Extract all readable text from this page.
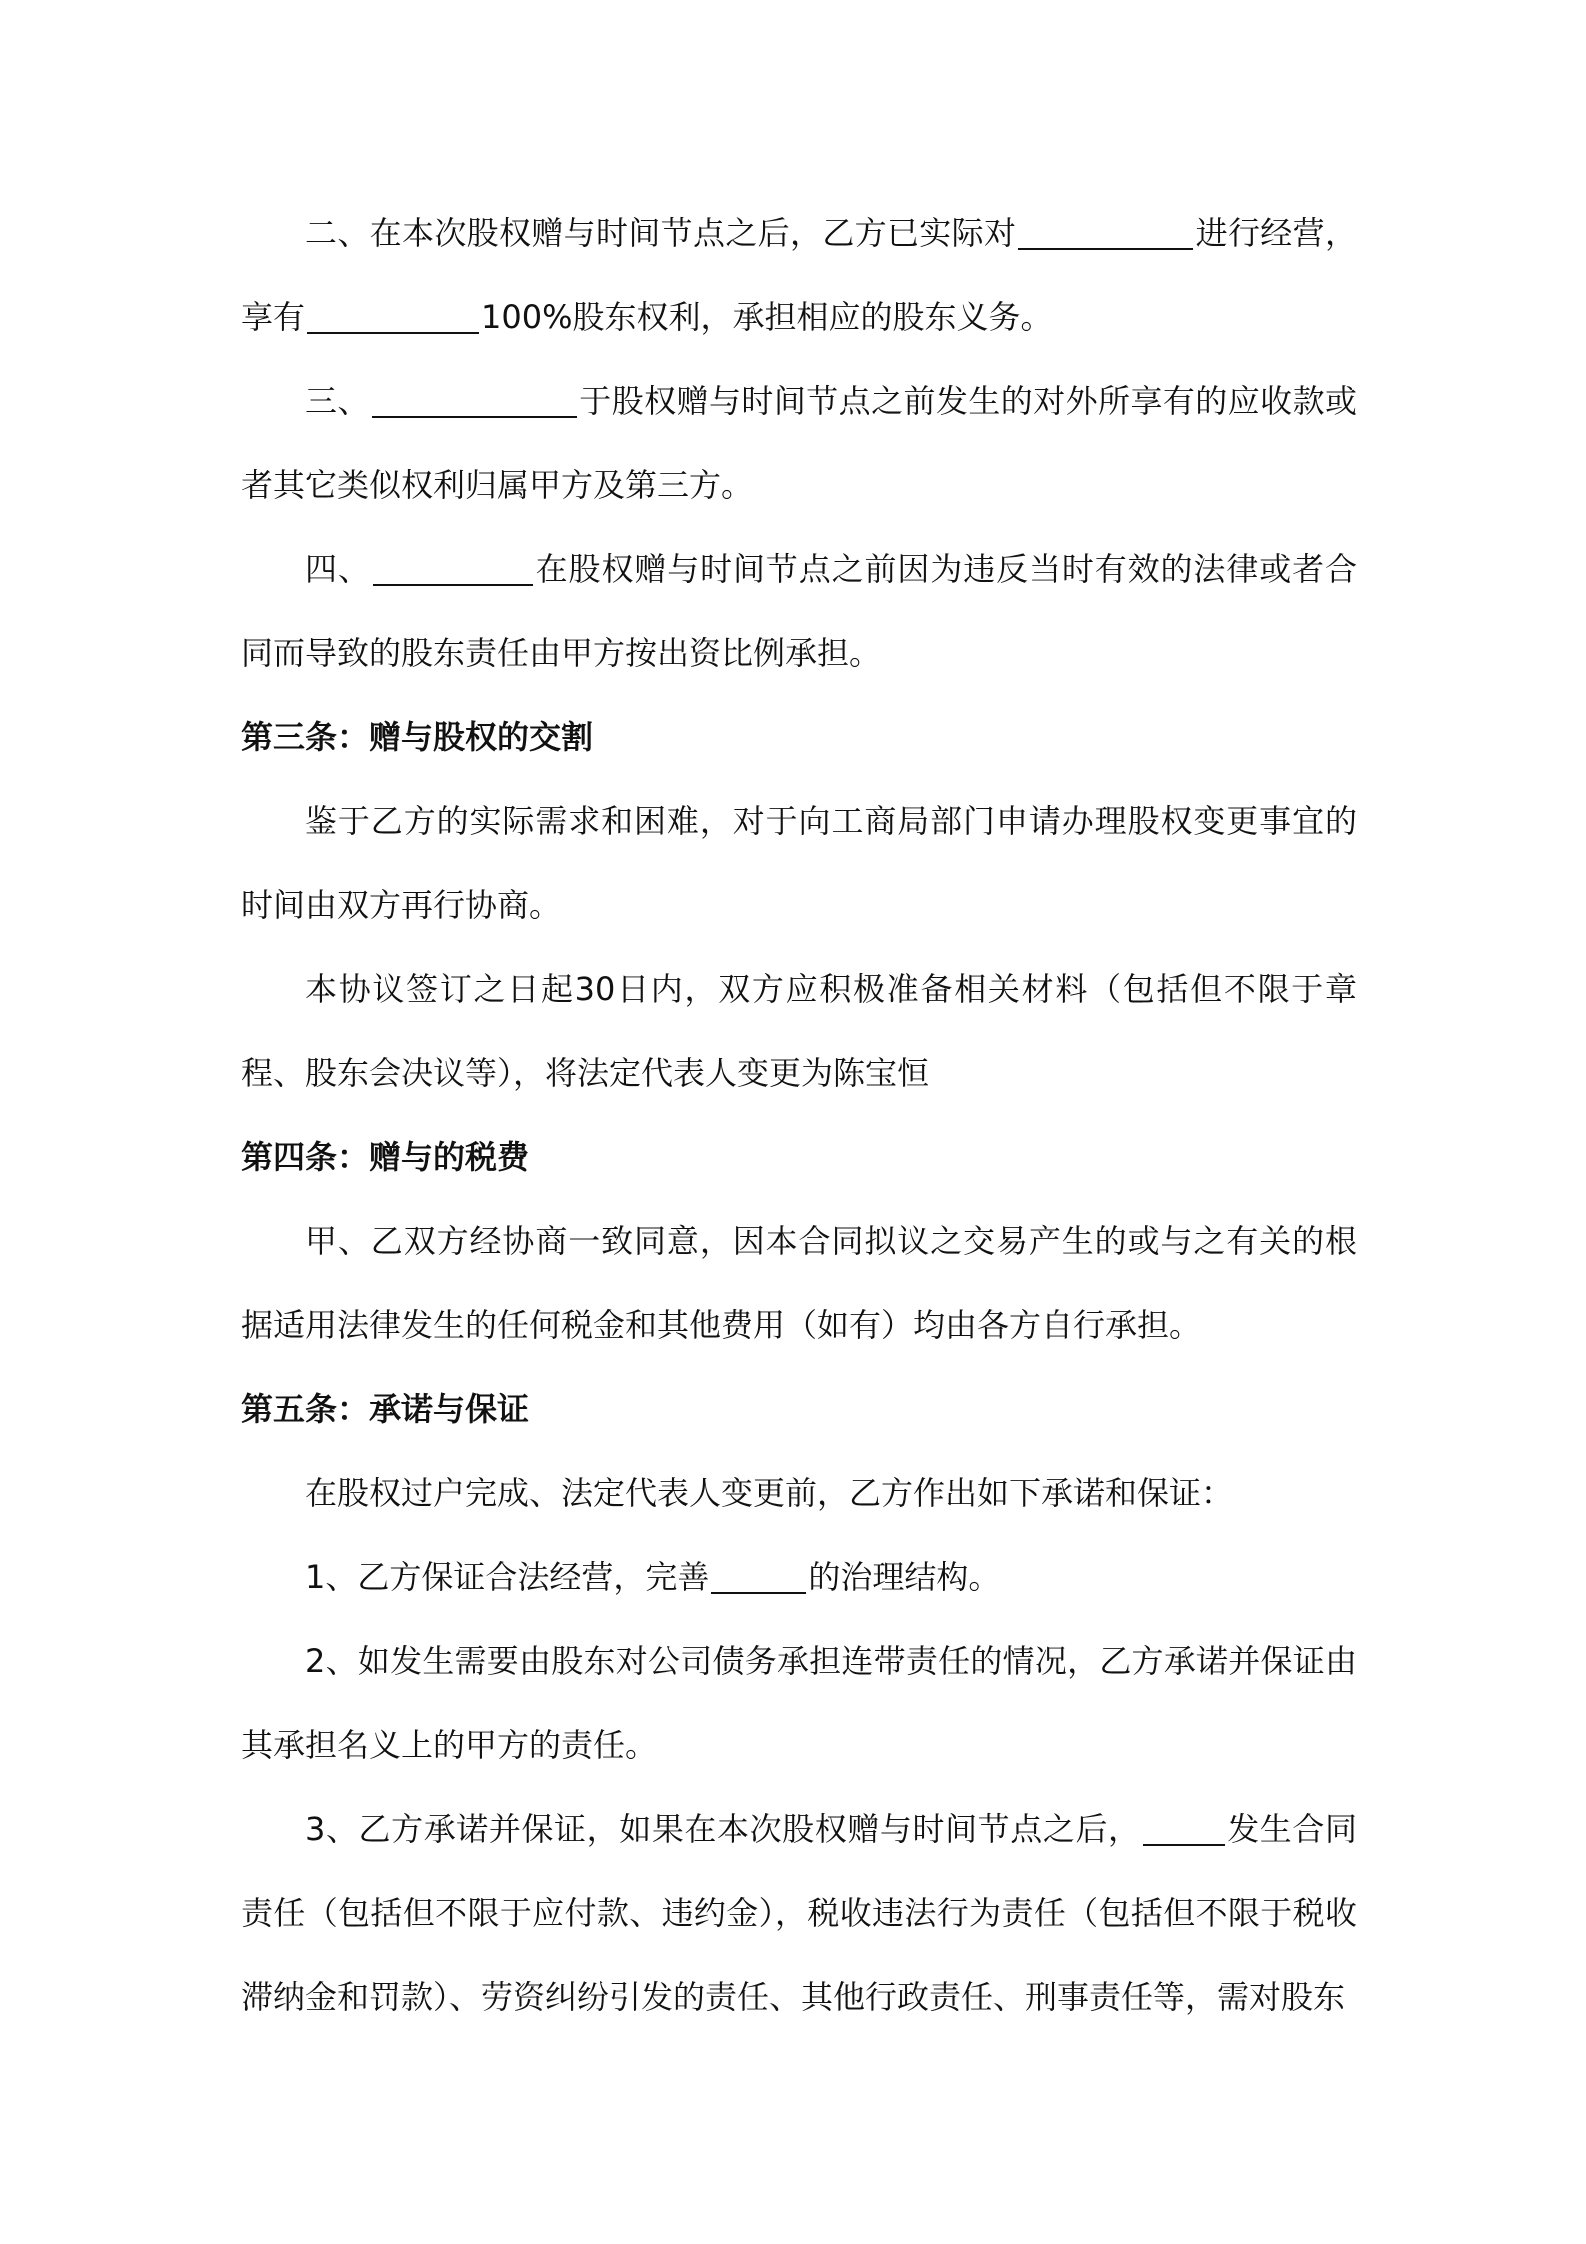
二、在本次股权赠与时间节点之后，乙方已实际对	进行经营，享有	100%股东权利，承担相应的股东义务。

三、	于股权赠与时间节点之前发生的对外所享有的应收款或者其它类似权利归属甲方及第三方。

四、	在股权赠与时间节点之前因为违反当时有效的法律或者合同而导致的股东责任由甲方按出资比例承担。

第三条：赠与股权的交割

鉴于乙方的实际需求和困难，对于向工商局部门申请办理股权变更事宜的时间由双方再行协商。

本协议签订之日起30日内，双方应积极准备相关材料（包括但不限于章程、股东会决议等），将法定代表人变更为陈宝恒

第四条：赠与的税费

甲、乙双方经协商一致同意，因本合同拟议之交易产生的或与之有关的根据适用法律发生的任何税金和其他费用（如有）均由各方自行承担。

第五条：承诺与保证

在股权过户完成、法定代表人变更前，乙方作出如下承诺和保证：

1、乙方保证合法经营，完善	的治理结构。

2、如发生需要由股东对公司债务承担连带责任的情况，乙方承诺并保证由其承担名义上的甲方的责任。

3、乙方承诺并保证，如果在本次股权赠与时间节点之后，	发生合同责任（包括但不限于应付款、违约金），税收违法行为责任（包括但不限于税收滞纳金和罚款）、劳资纠纷引发的责任、其他行政责任、刑事责任等，需对股东
